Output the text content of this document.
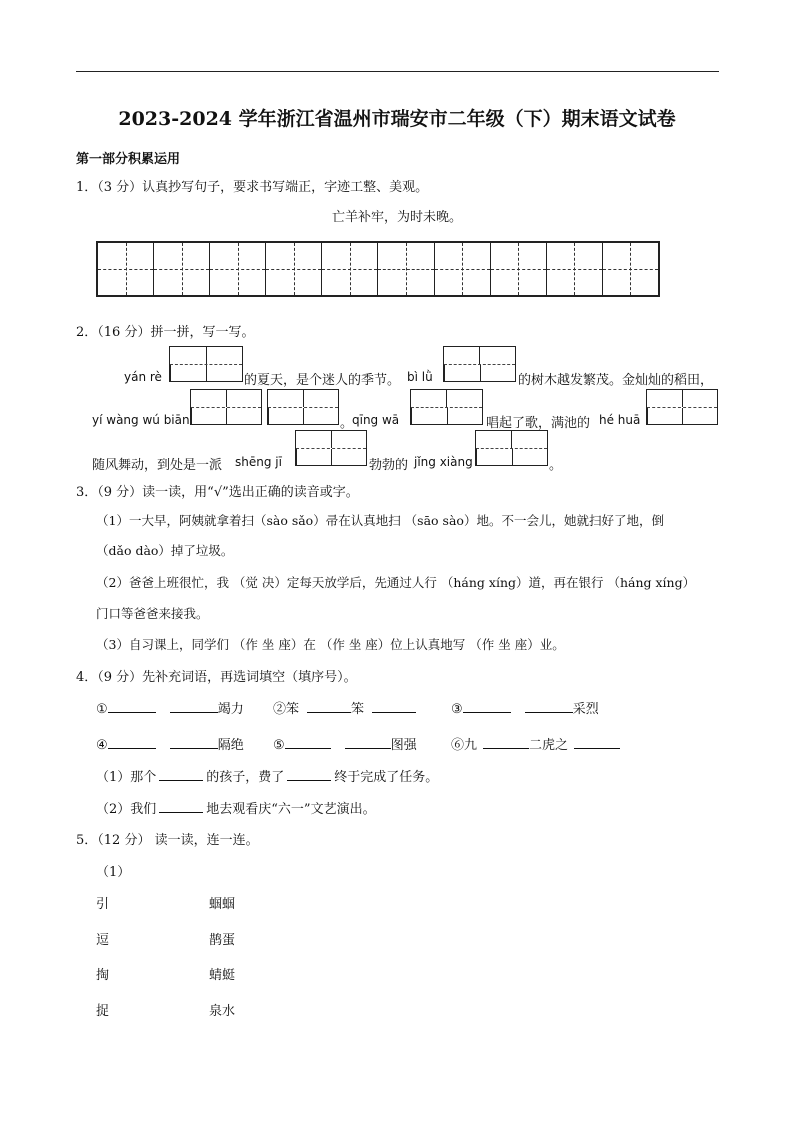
2023-2024 学年浙江省温州市瑞安市二年级（下）期末语文试卷
第一部分积累运用
1．（3 分）认真抄写句子，要求书写端正，字迹工整、美观。
亡羊补牢，为时未晚。
2．（16 分）拼一拼，写一写。
yán rè	的夏天，是个迷人的季节。 bì lǜ	的树木越发繁茂。金灿灿的稻田，
yí wàng wú biān	。
qīng wā	唱起了歌，满池的 hé huā
随风舞动，到处是一派 shēng jī	勃勃的 jǐng xiàng	。
3．（9 分）读一读，用“√”选出正确的读音或字。
（1）一大早，阿姨就拿着扫（sào sǎo）帚在认真地扫 （sāo sào）地。不一会儿，她就扫好了地，倒
（dǎo dào）掉了垃圾。
（2）爸爸上班很忙，我 （觉 决）定每天放学后，先通过人行 （háng xíng）道，再在银行 （háng xíng）
门口等爸爸来接我。
（3）自习课上，同学们 （作 坐 座）在 （作 坐 座）位上认真地写 （作 坐 座）业。
4．（9 分）先补充词语，再选词填空（填序号）。
①	竭力 ②笨	笨	③	采烈
④	隔绝 ⑤	图强	⑥九	二虎之
（1）那个	的孩子，费了	终于完成了任务。
（2）我们	地去观看庆“六一”文艺演出。
5．（12 分） 读一读，连一连。
（1）
引	蝈蝈
逗	鹊蛋
掏	蜻蜓
捉	泉水
